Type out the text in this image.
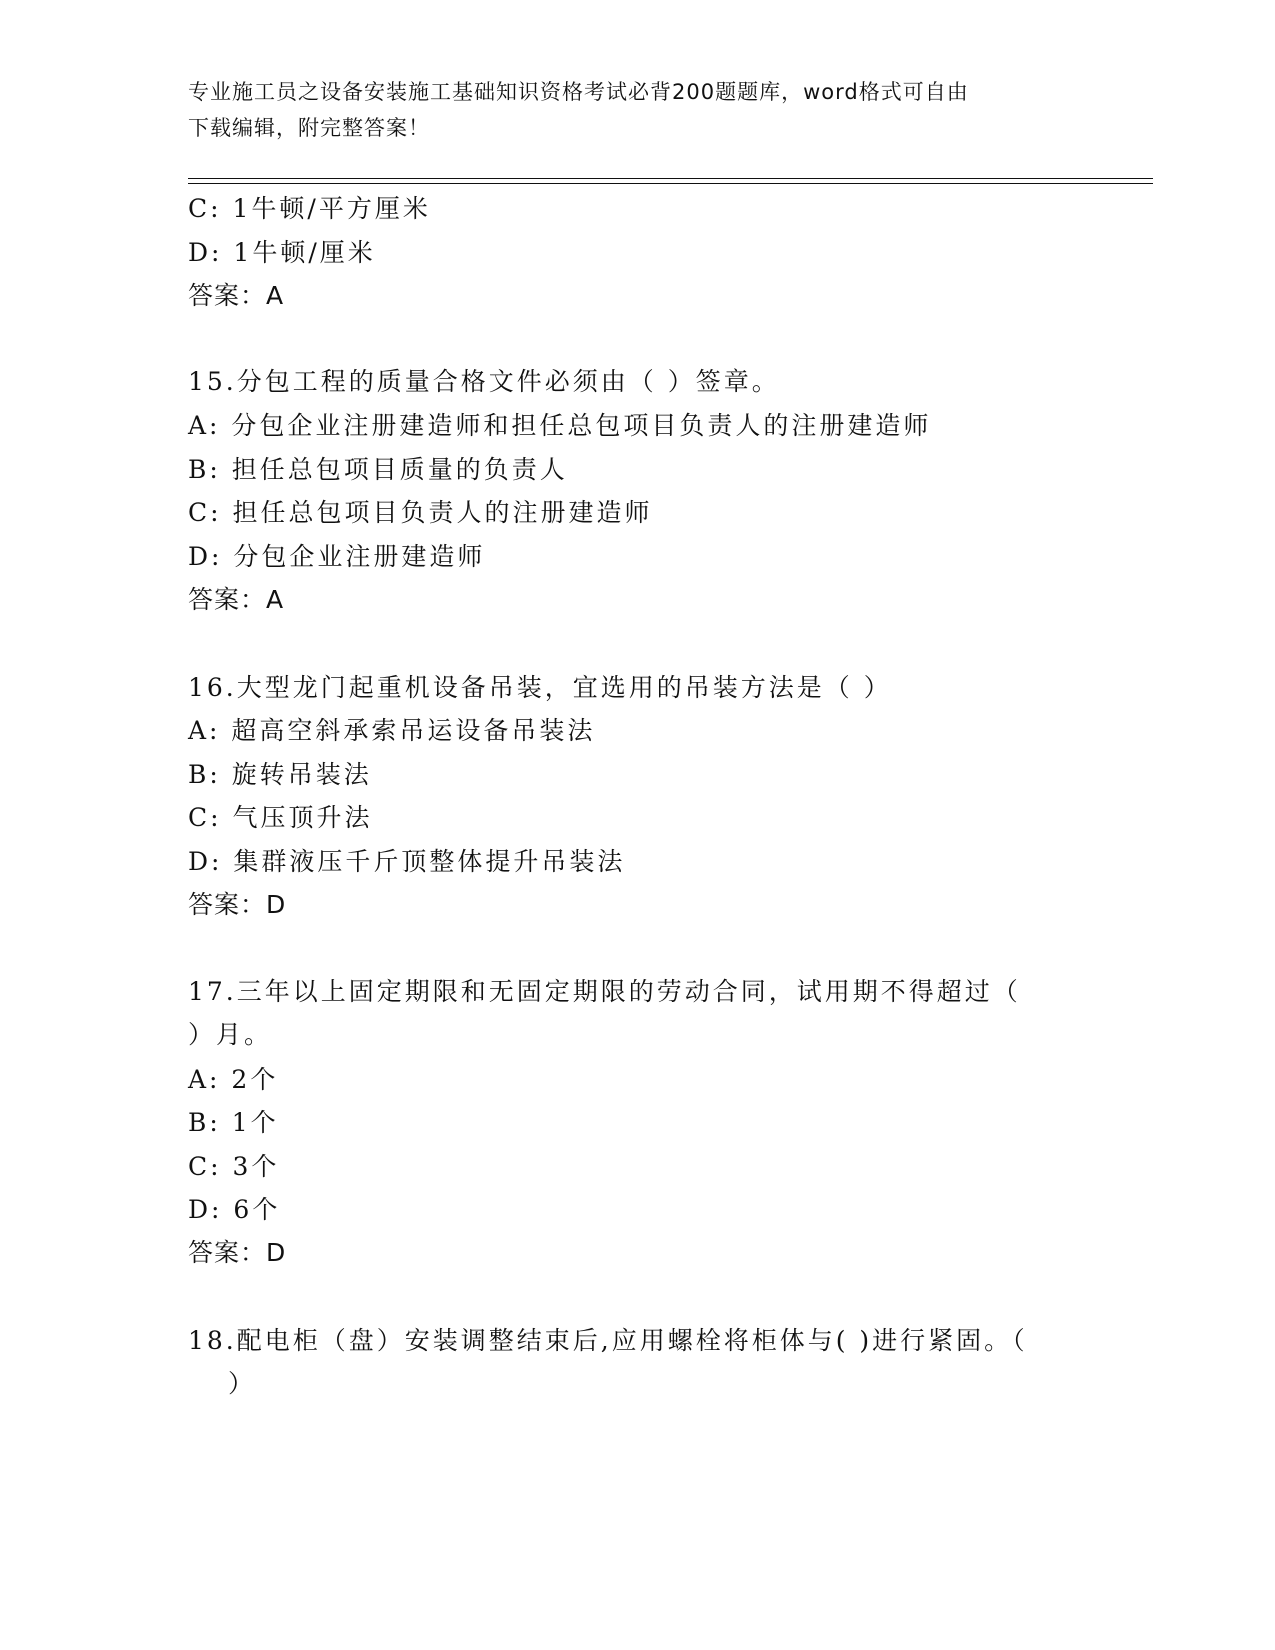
专业施工员之设备安装施工基础知识资格考试必背200题题库，word格式可自由
下载编辑，附完整答案！
C: 1牛顿/平方厘米
D: 1牛顿/厘米
答案：A
15.分包工程的质量合格文件必须由（ ）签章。
A: 分包企业注册建造师和担任总包项目负责人的注册建造师
B: 担任总包项目质量的负责人
C: 担任总包项目负责人的注册建造师
D: 分包企业注册建造师
答案：A
16.大型龙门起重机设备吊装，宜选用的吊装方法是（ ）
A: 超高空斜承索吊运设备吊装法
B: 旋转吊装法
C: 气压顶升法
D: 集群液压千斤顶整体提升吊装法
答案：D
17.三年以上固定期限和无固定期限的劳动合同，试用期不得超过（
）月。
A: 2个
B: 1个
C: 3个
D: 6个
答案：D
18.配电柜（盘）安装调整结束后,应用螺栓将柜体与( )进行紧固。（
）
